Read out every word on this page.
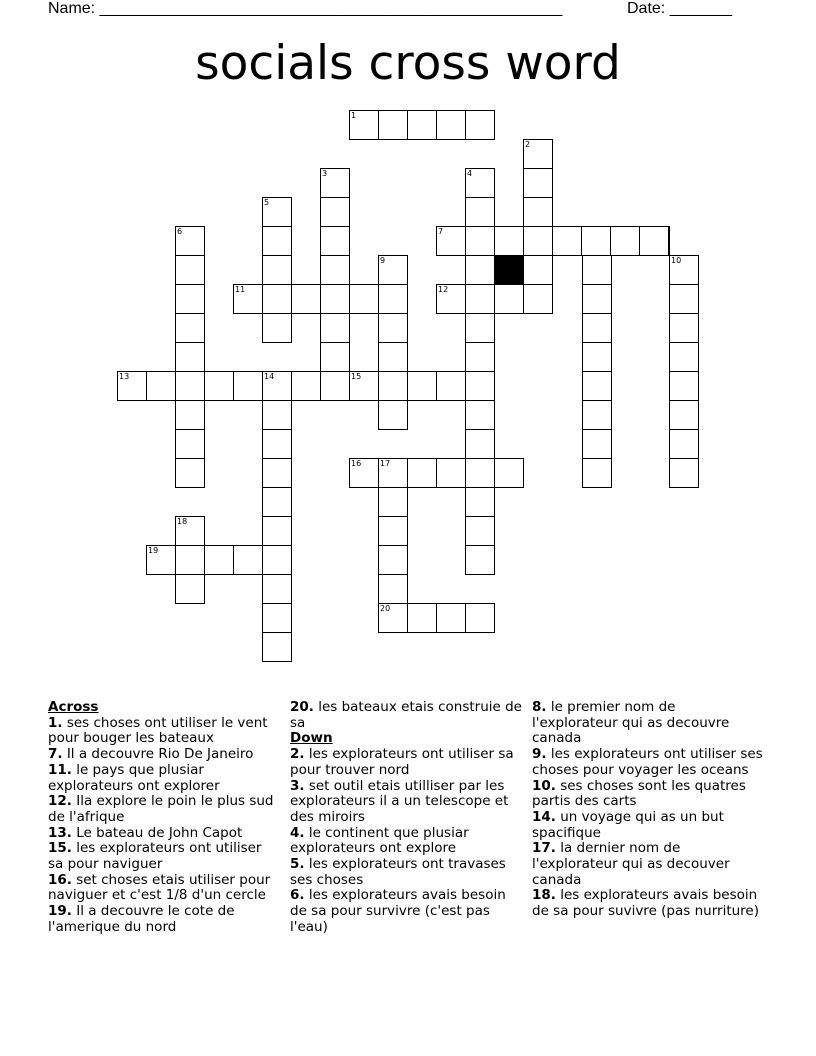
Name: ____________________________________________________	Date: _______
socials cross word
1
2
3	4
5
6	7
9	10
11	12
13	14	15
16 17
18
19
20
Across
1. ses choses ont utiliser le vent pour bouger les bateaux
7. Il a decouvre Rio De Janeiro
11. le pays que plusiar explorateurs ont explorer
12. Ila explore le poin le plus sud de l'afrique
13. Le bateau de John Capot
15. les explorateurs ont utiliser sa pour naviguer
16. set choses etais utiliser pour naviguer et c'est 1/8 d'un cercle
19. Il a decouvre le cote de l'amerique du nord
20. les bateaux etais construie de sa
Down
2. les explorateurs ont utiliser sa pour trouver nord
3. set outil etais utilliser par les explorateurs il a un telescope et des miroirs
4. le continent que plusiar explorateurs ont explore
5. les explorateurs ont travases ses choses
6. les explorateurs avais besoin de sa pour survivre (c'est pas l'eau)
8. le premier nom de l'explorateur qui as decouvre canada
9. les explorateurs ont utiliser ses choses pour voyager les oceans
10. ses choses sont les quatres partis des carts
14. un voyage qui as un but spacifique
17. la dernier nom de l'explorateur qui as decouver canada
18. les explorateurs avais besoin de sa pour suvivre (pas nurriture)
